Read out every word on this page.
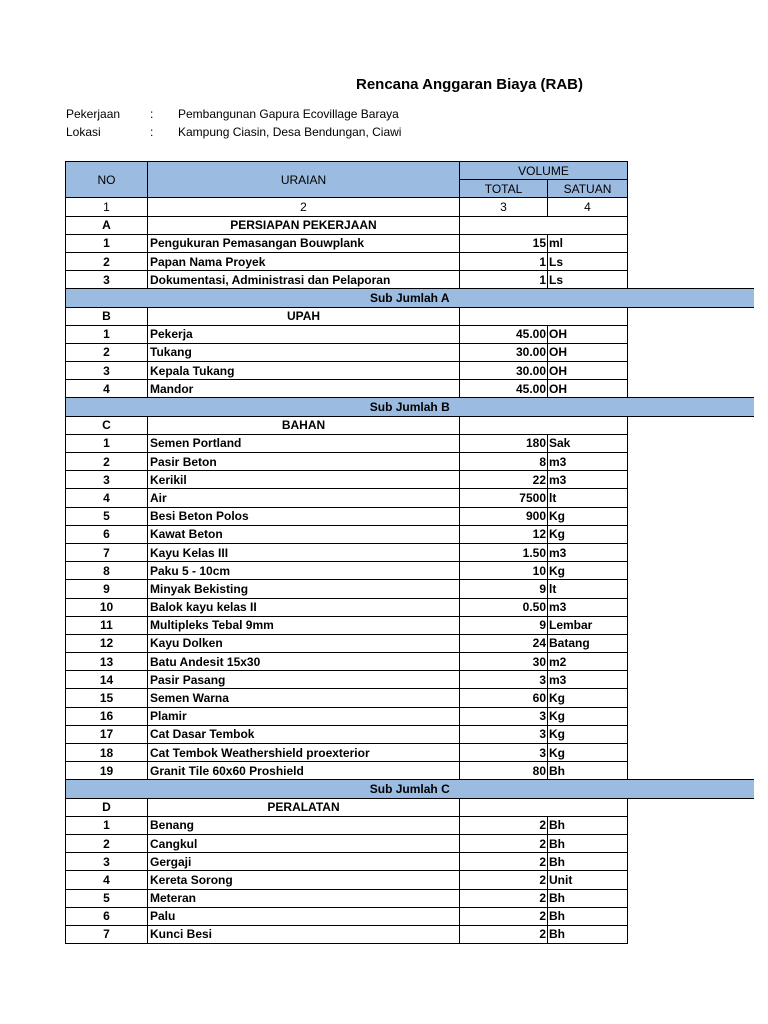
Rencana Anggaran Biaya (RAB)
Pekerjaan : Pembangunan Gapura Ecovillage Baraya
Lokasi	: Kampung Ciasin, Desa Bendungan, Ciawi
NO	URAIAN	VOLUME		
		TOTAL	SATUAN	
1	2	3	4	
A	PERSIAPAN PEKERJAAN			
1	Pengukuran Pemasangan Bouwplank	15	ml	
2	Papan Nama Proyek	1	Ls	
3	Dokumentasi, Administrasi dan Pelaporan	1	Ls	
Sub Jumlah A				
B	UPAH			
1	Pekerja	45.00	OH	
2	Tukang	30.00	OH	
3	Kepala Tukang	30.00	OH	
4	Mandor	45.00	OH	
Sub Jumlah B				
C	BAHAN			
1	Semen Portland	180	Sak	
2	Pasir Beton	8	m3	
3	Kerikil	22	m3	
4	Air	7500	lt	
5	Besi Beton Polos	900	Kg	
6	Kawat Beton	12	Kg	
7	Kayu Kelas III	1.50	m3	
8	Paku 5 - 10cm	10	Kg	
9	Minyak Bekisting	9	lt	
10	Balok kayu kelas II	0.50	m3	
11	Multipleks Tebal 9mm	9	Lembar	
12	Kayu Dolken	24	Batang	
13	Batu Andesit 15x30	30	m2	
14	Pasir Pasang	3	m3	
15	Semen Warna	60	Kg	
16	Plamir	3	Kg	
17	Cat Dasar Tembok	3	Kg	
18	Cat Tembok Weathershield proexterior	3	Kg	
19	Granit Tile 60x60 Proshield	80	Bh	
Sub Jumlah C				
D	PERALATAN			
1	Benang	2	Bh	
2	Cangkul	2	Bh	
3	Gergaji	2	Bh	
4	Kereta Sorong	2	Unit	
5	Meteran	2	Bh	
6	Palu	2	Bh	
7	Kunci Besi	2	Bh	
